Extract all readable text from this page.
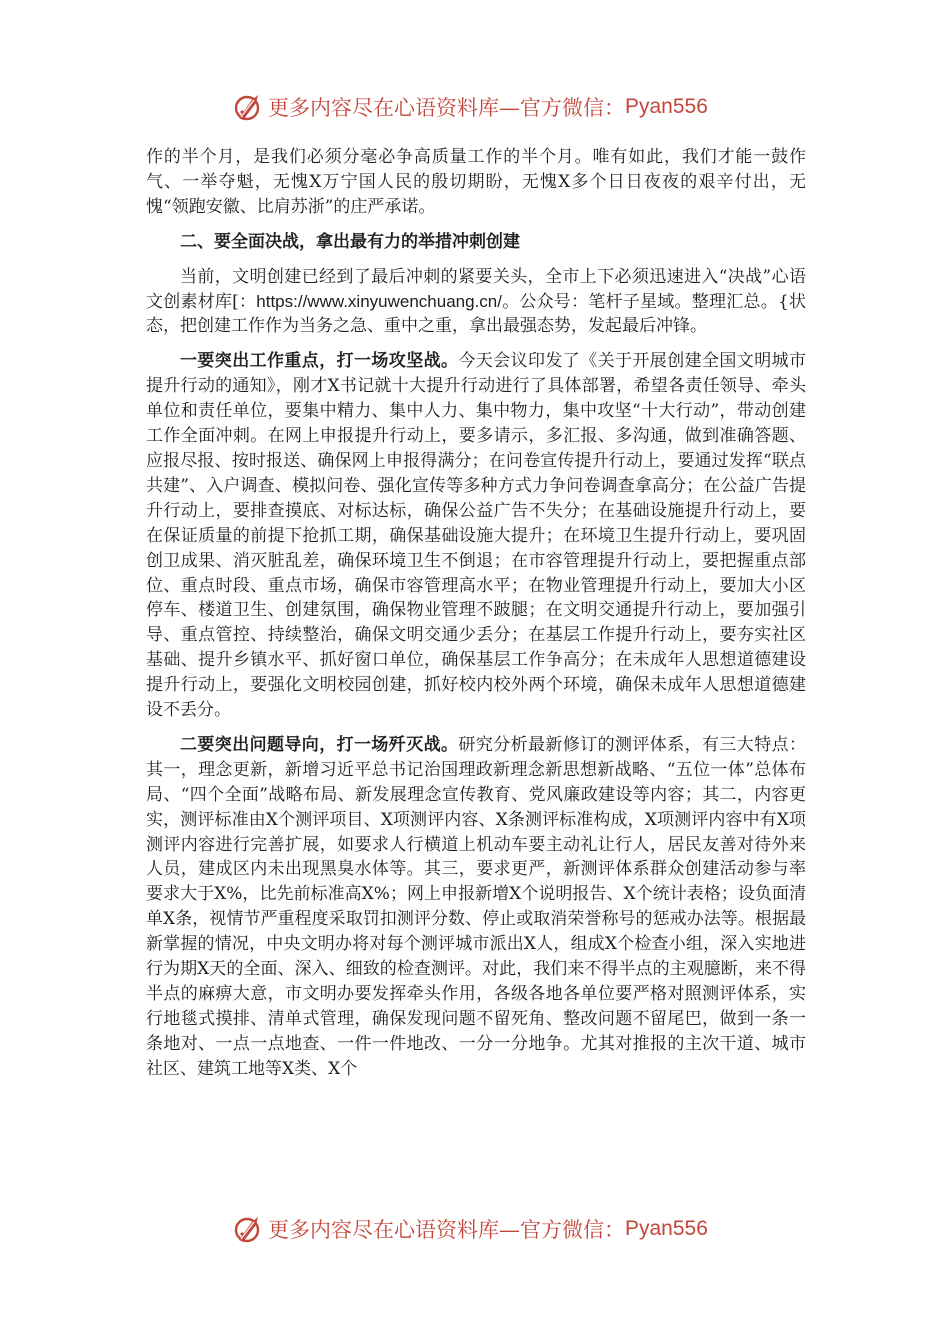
更多内容尽在心语资料库—官方微信： Pyan556

作的半个月，是我们必须分毫必争高质量工作的半个月。唯有如此，我们才能一鼓作气、一举夺魁，无愧X万宁国人民的殷切期盼，无愧X多个日日夜夜的艰辛付出，无愧“领跑安徽、比肩苏浙”的庄严承诺。

二、要全面决战，拿出最有力的举措冲刺创建

当前，文明创建已经到了最后冲刺的紧要关头，全市上下必须迅速进入“决战”心语文创素材库[：https://www.xinyuwenchuang.cn/。公众号：笔杆子星域。整理汇总。{状态，把创建工作作为当务之急、重中之重，拿出最强态势，发起最后冲锋。

一要突出工作重点，打一场攻坚战。今天会议印发了《关于开展创建全国文明城市提升行动的通知》，刚才X书记就十大提升行动进行了具体部署，希望各责任领导、牵头单位和责任单位，要集中精力、集中人力、集中物力，集中攻坚“十大行动”，带动创建工作全面冲刺。在网上申报提升行动上，要多请示，多汇报、多沟通，做到准确答题、应报尽报、按时报送、确保网上申报得满分；在问卷宣传提升行动上，要通过发挥“联点共建”、入户调查、模拟问卷、强化宣传等多种方式力争问卷调查拿高分；在公益广告提升行动上，要排查摸底、对标达标，确保公益广告不失分；在基础设施提升行动上，要在保证质量的前提下抢抓工期，确保基础设施大提升；在环境卫生提升行动上，要巩固创卫成果、消灭脏乱差，确保环境卫生不倒退；在市容管理提升行动上，要把握重点部位、重点时段、重点市场，确保市容管理高水平；在物业管理提升行动上，要加大小区停车、楼道卫生、创建氛围，确保物业管理不跛腿；在文明交通提升行动上，要加强引导、重点管控、持续整治，确保文明交通少丢分；在基层工作提升行动上，要夯实社区基础、提升乡镇水平、抓好窗口单位，确保基层工作争高分；在未成年人思想道德建设提升行动上，要强化文明校园创建，抓好校内校外两个环境，确保未成年人思想道德建设不丢分。

二要突出问题导向，打一场歼灭战。研究分析最新修订的测评体系，有三大特点：其一，理念更新，新增习近平总书记治国理政新理念新思想新战略、“五位一体”总体布局、“四个全面”战略布局、新发展理念宣传教育、党风廉政建设等内容；其二，内容更实，测评标准由X个测评项目、X项测评内容、X条测评标准构成，X项测评内容中有X项测评内容进行完善扩展，如要求人行横道上机动车要主动礼让行人，居民友善对待外来人员，建成区内未出现黑臭水体等。其三，要求更严，新测评体系群众创建活动参与率要求大于X%，比先前标准高X%；网上申报新增X个说明报告、X个统计表格；设负面清单X条，视情节严重程度采取罚扣测评分数、停止或取消荣誉称号的惩戒办法等。根据最新掌握的情况，中央文明办将对每个测评城市派出X人，组成X个检查小组，深入实地进行为期X天的全面、深入、细致的检查测评。对此，我们来不得半点的主观臆断，来不得半点的麻痹大意，市文明办要发挥牵头作用，各级各地各单位要严格对照测评体系，实行地毯式摸排、清单式管理，确保发现问题不留死角、整改问题不留尾巴，做到一条一条地对、一点一点地查、一件一件地改、一分一分地争。尤其对推报的主次干道、城市社区、建筑工地等X类、X个

更多内容尽在心语资料库—官方微信： Pyan556
